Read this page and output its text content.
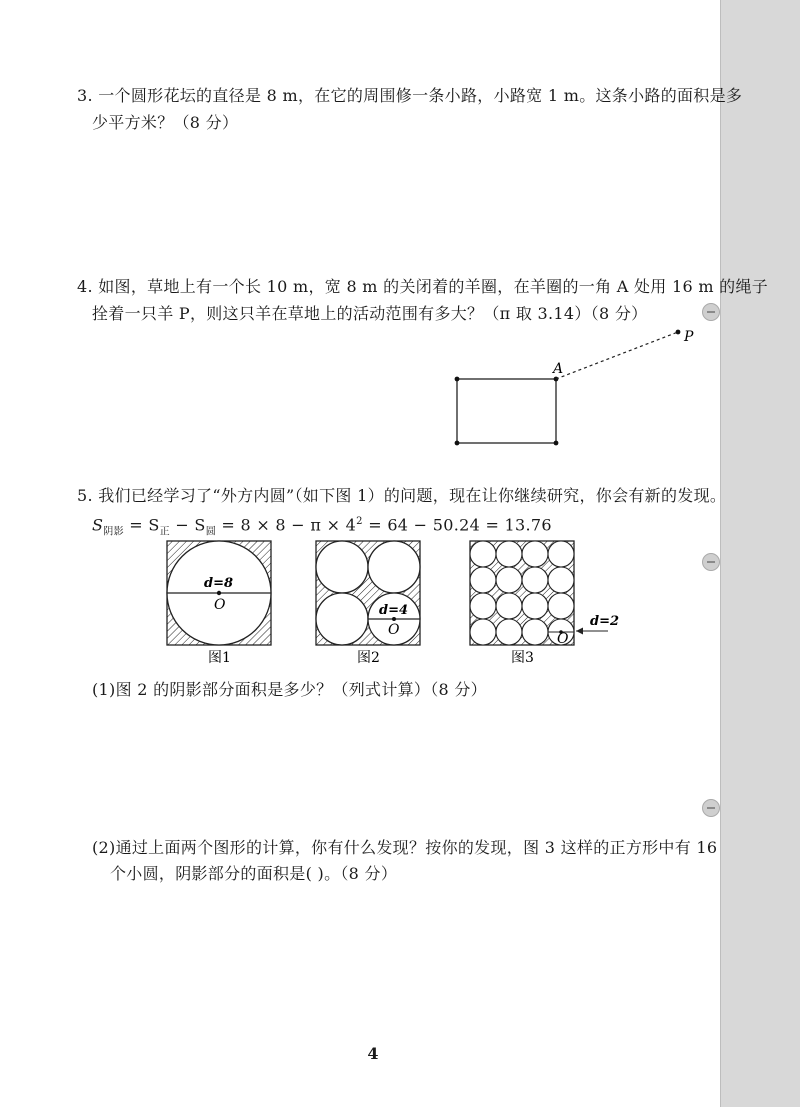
3. 一个圆形花坛的直径是 8 m，在它的周围修一条小路，小路宽 1 m。这条小路的面积是多
少平方米？（8 分）
4. 如图，草地上有一个长 10 m，宽 8 m 的关闭着的羊圈，在羊圈的一角 A 处用 16 m 的绳子
拴着一只羊 P，则这只羊在草地上的活动范围有多大？（π 取 3.14）（8 分）
A
P
5. 我们已经学习了“外方内圆”（如下图 1）的问题，现在让你继续研究，你会有新的发现。
$S_{阴影} = S_正 - S_圆 = 8 \times 8 - \pi \times 4^2 = 64 - 50.24 = 13.76$
d=8
O
图1
d=4
O
图2
O
d=2
图3
(1)图 2 的阴影部分面积是多少？（列式计算）（8 分）
(2)通过上面两个图形的计算，你有什么发现？按你的发现，图 3 这样的正方形中有 16
个小圆，阴影部分的面积是( )。（8 分）
4
